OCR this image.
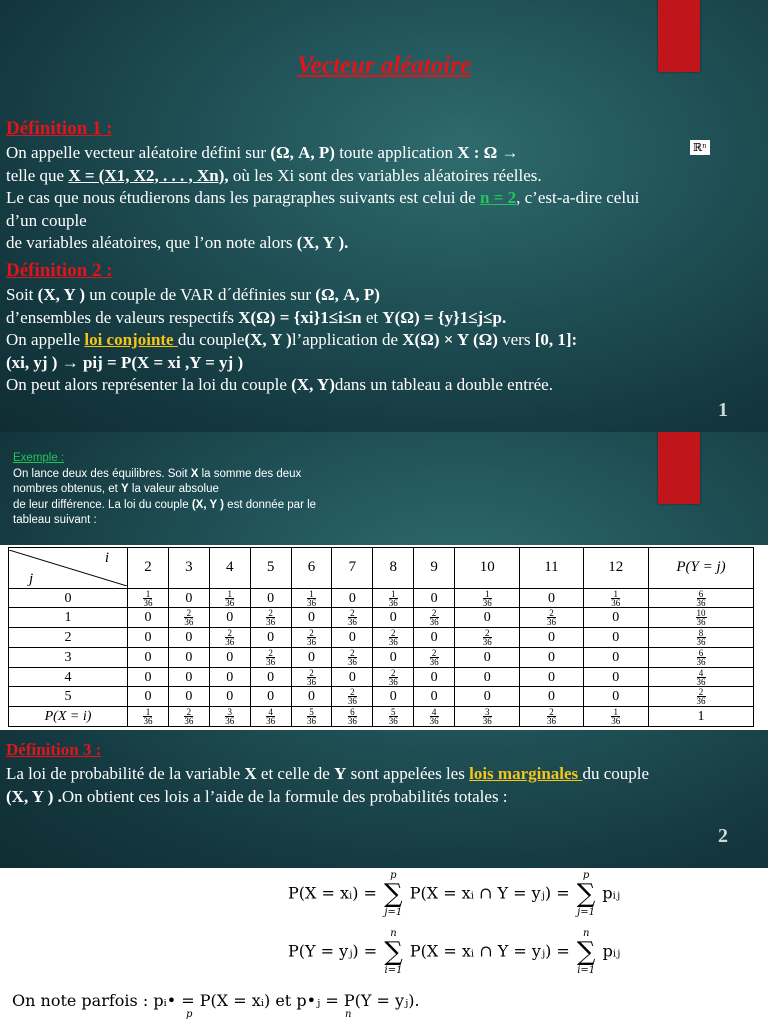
Vecteur aléatoire
Définition 1 :
On appelle vecteur aléatoire défini sur (Ω, A, P) toute application X : Ω →
telle que X = (X1, X2, . . . , Xn), où les Xi sont des variables aléatoires réelles.
Le cas que nous étudierons dans les paragraphes suivants est celui de n = 2, c’est-a-dire celui
d’un couple
de variables aléatoires, que l’on note alors (X, Y ).
ℝⁿ
Définition 2 :
Soit (X, Y ) un couple de VAR d´définies sur (Ω, A, P)
d’ensembles de valeurs respectifs X(Ω) = {xi}1≤i≤n et Y(Ω) = {y}1≤j≤p.
On appelle loi conjointe du couple(X, Y )l’application de X(Ω) × Y (Ω) vers [0, 1]:
(xi, yj ) → pij = P(X = xi ,Y = yj )
On peut alors représenter la loi du couple (X, Y)dans un tableau a double entrée.
1
Exemple :
On lance deux des équilibres. Soit X la somme des deux
nombres obtenus, et Y la valeur absolue
de leur différence. La loi du couple (X, Y ) est donnée par le
tableau suivant :
i
j	2	3	4	5	6	7	8	9	10	11	12	P(Y = j)
0	$\frac{1}{36}$	0	$\frac{1}{36}$	0	$\frac{1}{36}$	0	$\frac{1}{36}$	0	$\frac{1}{36}$	0	$\frac{1}{36}$	$\frac{6}{36}$

1	0	$\frac{2}{36}$	0	$\frac{2}{36}$	0	$\frac{2}{36}$	0	$\frac{2}{36}$	0	$\frac{2}{36}$	0	$\frac{10}{36}$

2	0	0	$\frac{2}{36}$	0	$\frac{2}{36}$	0	$\frac{2}{36}$	0	$\frac{2}{36}$	0	0	$\frac{8}{36}$

3	0	0	0	$\frac{2}{36}$	0	$\frac{2}{36}$	0	$\frac{2}{36}$	0	0	0	$\frac{6}{36}$

4	0	0	0	0	$\frac{2}{36}$	0	$\frac{2}{36}$	0	0	0	0	$\frac{4}{36}$

5	0	0	0	0	0	$\frac{2}{36}$	0	0	0	0	0	$\frac{2}{36}$

P(X = i)	$\frac{1}{36}$	$\frac{2}{36}$	$\frac{3}{36}$	$\frac{4}{36}$	$\frac{5}{36}$	$\frac{6}{36}$	$\frac{5}{36}$	$\frac{4}{36}$	$\frac{3}{36}$	$\frac{2}{36}$	$\frac{1}{36}$	1
Définition 3 :
La loi de probabilité de la variable X et celle de Y sont appelées les lois marginales du couple
(X, Y ) .On obtient ces lois a l’aide de la formule des probabilités totales :
2
P(X = xᵢ) =
p
∑
j=1
P(X = xᵢ ∩ Y = yⱼ) =
p
∑
j=1
pᵢⱼ
P(Y = yⱼ) =
n
∑
i=1
P(X = xᵢ ∩ Y = yⱼ) =
n
∑
i=1
pᵢⱼ
On note parfois : pᵢ• = P(X = xᵢ) et p•ⱼ = P(Y = yⱼ).
p	n
